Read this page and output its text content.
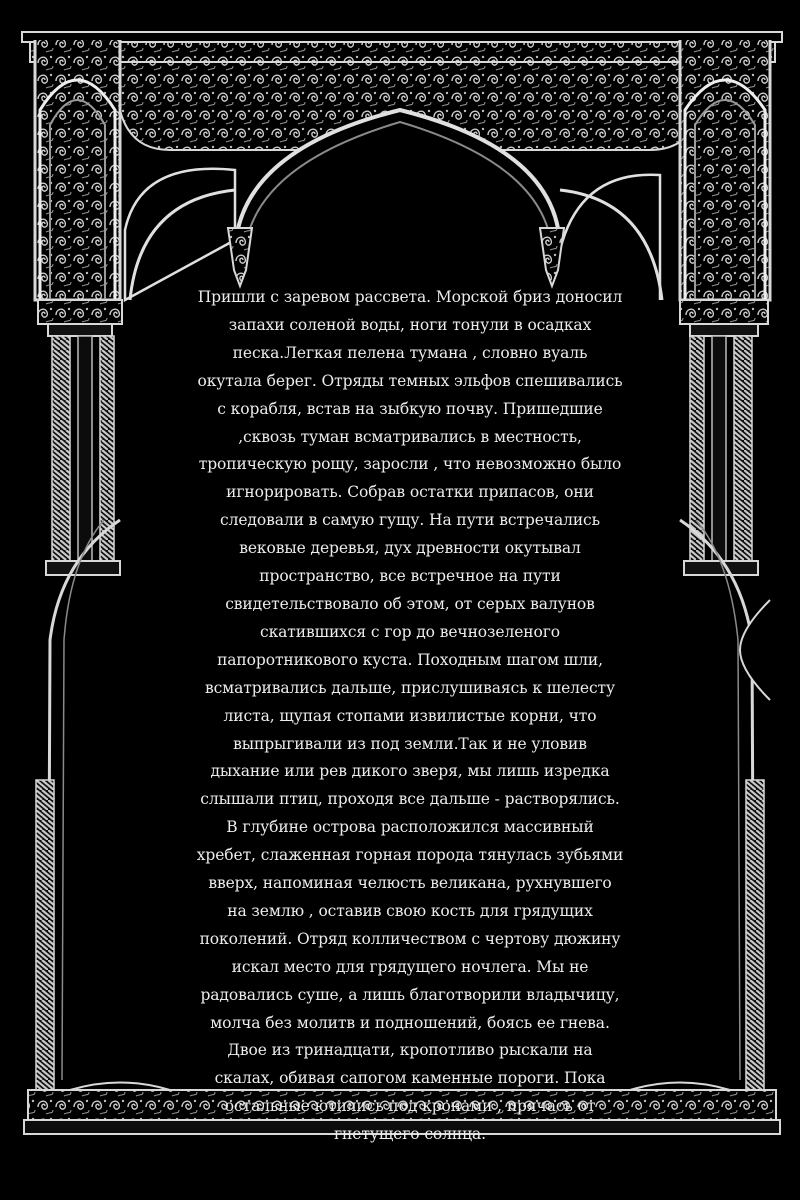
Пришли с заревом рассвета. Морской бриз доносил
запахи соленой воды, ноги тонули в осадках
песка.Легкая пелена тумана , словно вуаль
окутала берег. Отряды темных эльфов спешивались
с корабля, встав на зыбкую почву. Пришедшие
,сквозь туман всматривались в местность,
тропическую рощу, заросли , что невозможно было
игнорировать. Собрав остатки припасов, они
следовали в самую гущу. На пути встречались
вековые деревья, дух древности окутывал
пространство, все встречное на пути
свидетельствовало об этом, от серых валунов
скатившихся с гор до вечнозеленого
папоротникового куста. Походным шагом шли,
всматривались дальше, прислушиваясь к шелесту
листа, щупая стопами извилистые корни, что
выпрыгивали из под земли.Так и не уловив
дыхание или рев дикого зверя, мы лишь изредка
слышали птиц, проходя все дальше - растворялись.
В глубине острова расположился массивный
хребет, слаженная горная порода тянулась зубьями
вверх, напоминая челюсть великана, рухнувшего
на землю , оставив свою кость для грядущих
поколений. Отряд колличеством с чертову дюжину
искал место для грядущего ночлега. Мы не
радовались суше, а лишь благотворили владычицу,
молча без молитв и подношений, боясь ее гнева.
Двое из тринадцати, кропотливо рыскали на
скалах, обивая сапогом каменные пороги. Пока
остальные ютились под кронами , прячась от
гнетущего солнца.
